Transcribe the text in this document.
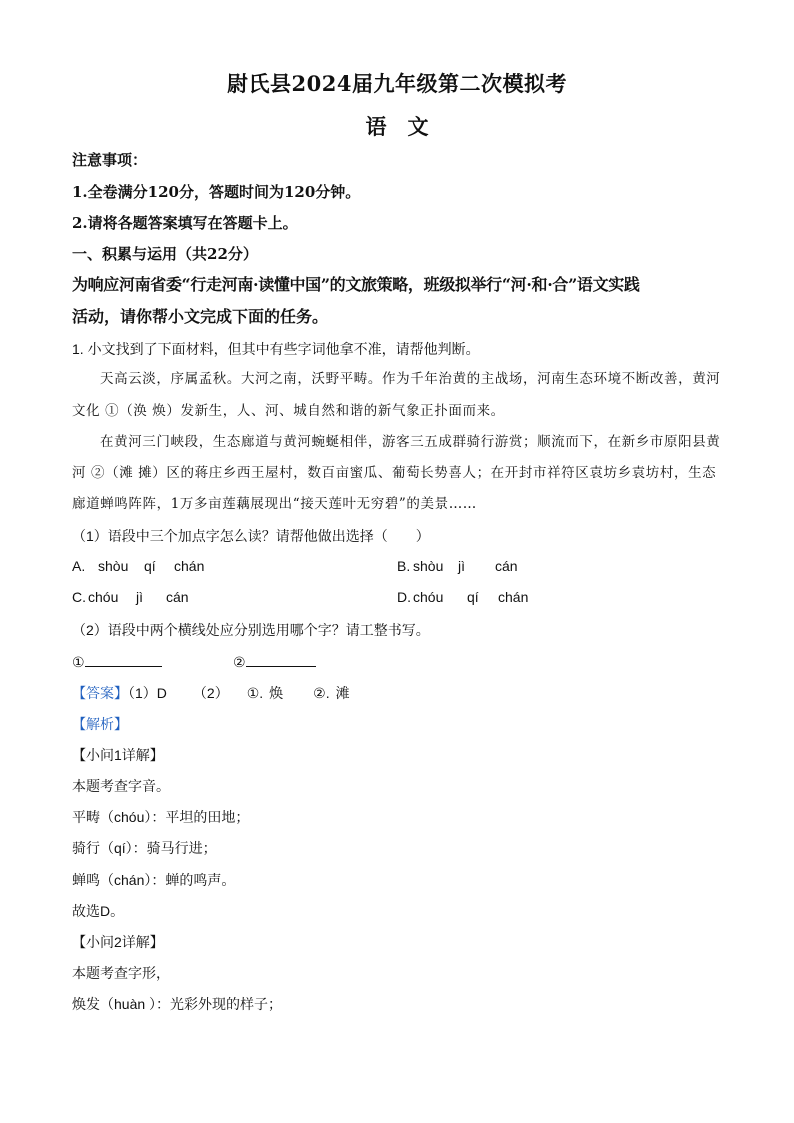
尉氏县2024届九年级第二次模拟考
语　文
注意事项：
1.全卷满分120分，答题时间为120分钟。
2.请将各题答案填写在答题卡上。
一、积累与运用（共22分）
为响应河南省委“行走河南·读懂中国”的文旅策略，班级拟举行“河·和·合”语文实践
活动，请你帮小文完成下面的任务。
1. 小文找到了下面材料，但其中有些字词他拿不准，请帮他判断。
天高云淡，序属孟秋。大河之南，沃野平畴。作为千年治黄的主战场，河南生态环境不断改善，黄河
文化 ①（涣 焕）发新生，人、河、城自然和谐的新气象正扑面而来。
在黄河三门峡段，生态廊道与黄河蜿蜒相伴，游客三五成群骑行游赏；顺流而下，在新乡市原阳县黄
河 ②（滩 摊）区的蒋庄乡西王屋村，数百亩蜜瓜、葡萄长势喜人；在开封市祥符区袁坊乡袁坊村，生态
廊道蝉鸣阵阵，1万多亩莲藕展现出“接天莲叶无穷碧”的美景……
（1）语段中三个加点字怎么读？请帮他做出选择（　　）
A. shòu qí chán	B. shòu jì cán
C. chóu jì cán	D. chóu qí chán
（2）语段中两个横线处应分别选用哪个字？请工整书写。
①	②
【答案】（1）D （2） ①. 焕 ②. 滩
【解析】
【小问1详解】
本题考查字音。
平畴（chóu）：平坦的田地；
骑行（qí）：骑马行进；
蝉鸣（chán）：蝉的鸣声。
故选D。
【小问2详解】
本题考查字形，
焕发（huàn ）：光彩外现的样子；
